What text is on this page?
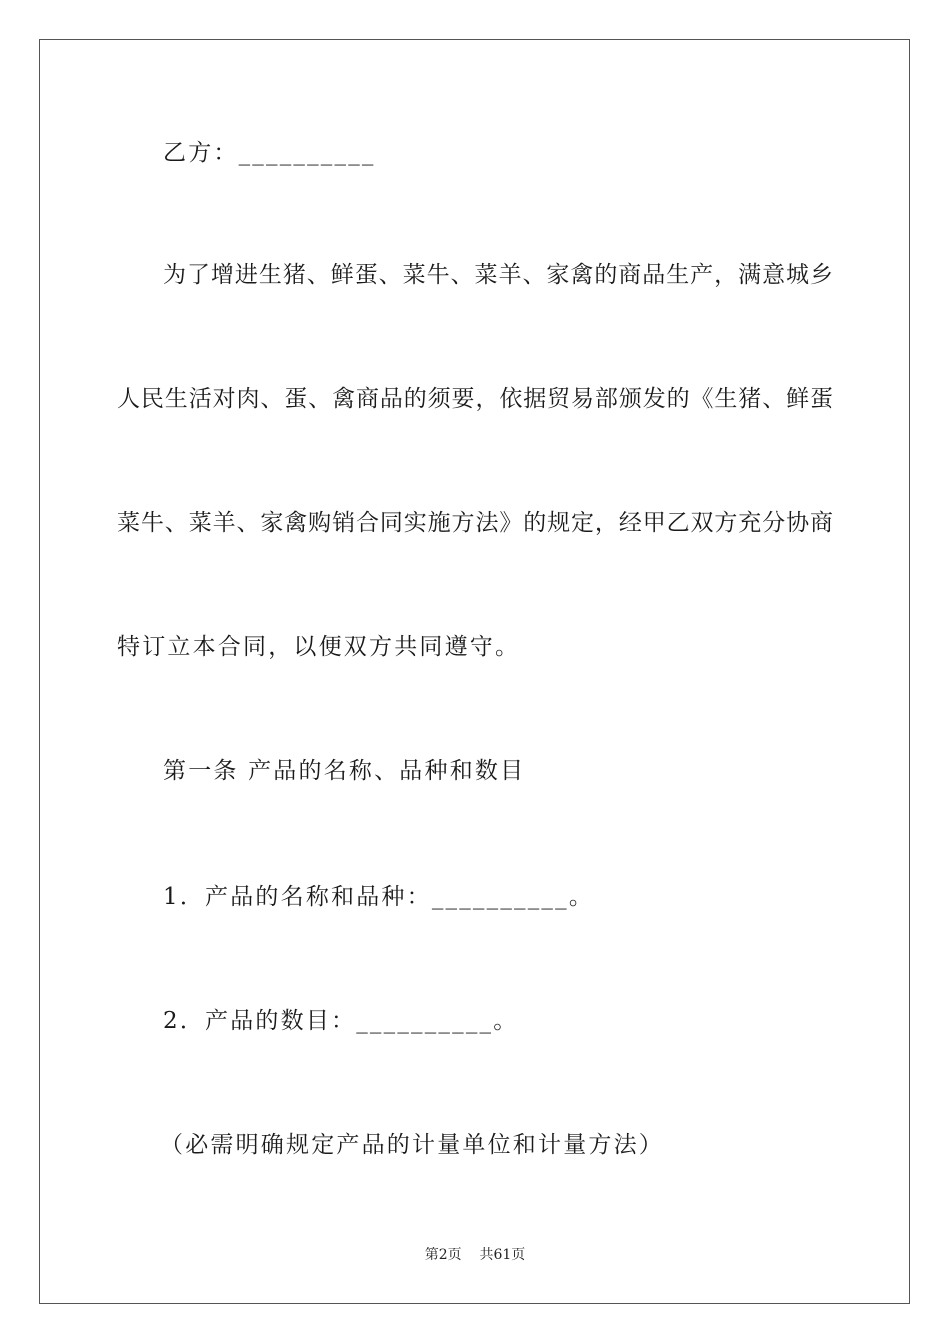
乙方：__________
为了增进生猪、鲜蛋、菜牛、菜羊、家禽的商品生产，满意城乡
人民生活对肉、蛋、禽商品的须要，依据贸易部颁发的《生猪、鲜蛋
菜牛、菜羊、家禽购销合同实施方法》的规定，经甲乙双方充分协商
特订立本合同，以便双方共同遵守。
第一条 产品的名称、品种和数目
1．产品的名称和品种：__________。
2．产品的数目：__________。
（必需明确规定产品的计量单位和计量方法）
第2页 共61页
